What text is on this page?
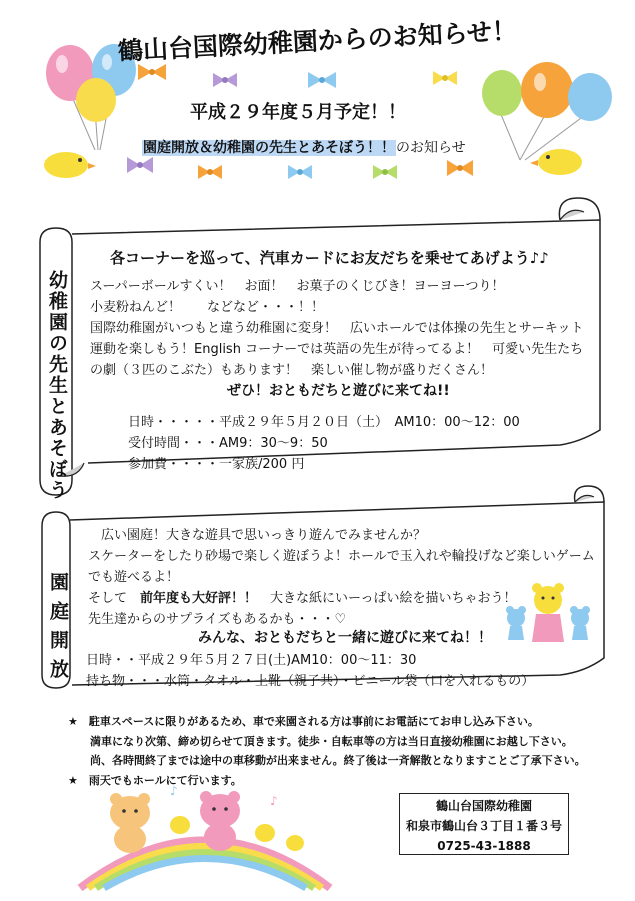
鶴山台国際幼稚園からのお知らせ！
平成２９年度５月予定！！
園庭開放＆幼稚園の先生とあそぼう！！のお知らせ
幼稚園の先生とあそぼう
各コーナーを巡って、汽車カードにお友だちを乗せてあげよう♪♪
スーパーボールすくい！　お面！　お菓子のくじびき！ヨーヨーつり！
小麦粉ねんど！　　などなど・・・！！
国際幼稚園がいつもと違う幼稚園に変身！　広いホールでは体操の先生とサーキット
運動を楽しもう！English コーナーでは英語の先生が待ってるよ！　可愛い先生たち
の劇（３匹のこぶた）もあります！　楽しい催し物が盛りだくさん！
ぜひ！おともだちと遊びに来てね!!
日時・・・・・平成２９年５月２０日（土）　AM10：00〜12：00
受付時間・・・AM9：30〜9：50
参加費・・・・一家族/200 円
園庭開放
　広い園庭！大きな遊具で思いっきり遊んでみませんか？
スケーターをしたり砂場で楽しく遊ぼうよ！ホールで玉入れや輪投げなど楽しいゲーム
でも遊べるよ！
そして　前年度も大好評！！　大きな紙にいーっぱい絵を描いちゃおう！
先生達からのサプライズもあるかも・・・♡
みんな、おともだちと一緒に遊びに来てね！！
日時・・平成２９年５月２７日(土)AM10：00〜11：30
持ち物・・・水筒・タオル・上靴（親子共）・ビニール袋（口を入れるもの）
★　駐車スペースに限りがあるため、車で来園される方は事前にお電話にてお申し込み下さい。
　　満車になり次第、締め切らせて頂きます。徒歩・自転車等の方は当日直接幼稚園にお越し下さい。
　　尚、各時間終了までは途中の車移動が出来ません。終了後は一斉解散となりますことご了承下さい。
★　雨天でもホールにて行います。
♪
♪	鶴山台国際幼稚園
和泉市鶴山台３丁目１番３号
0725-43-1888
